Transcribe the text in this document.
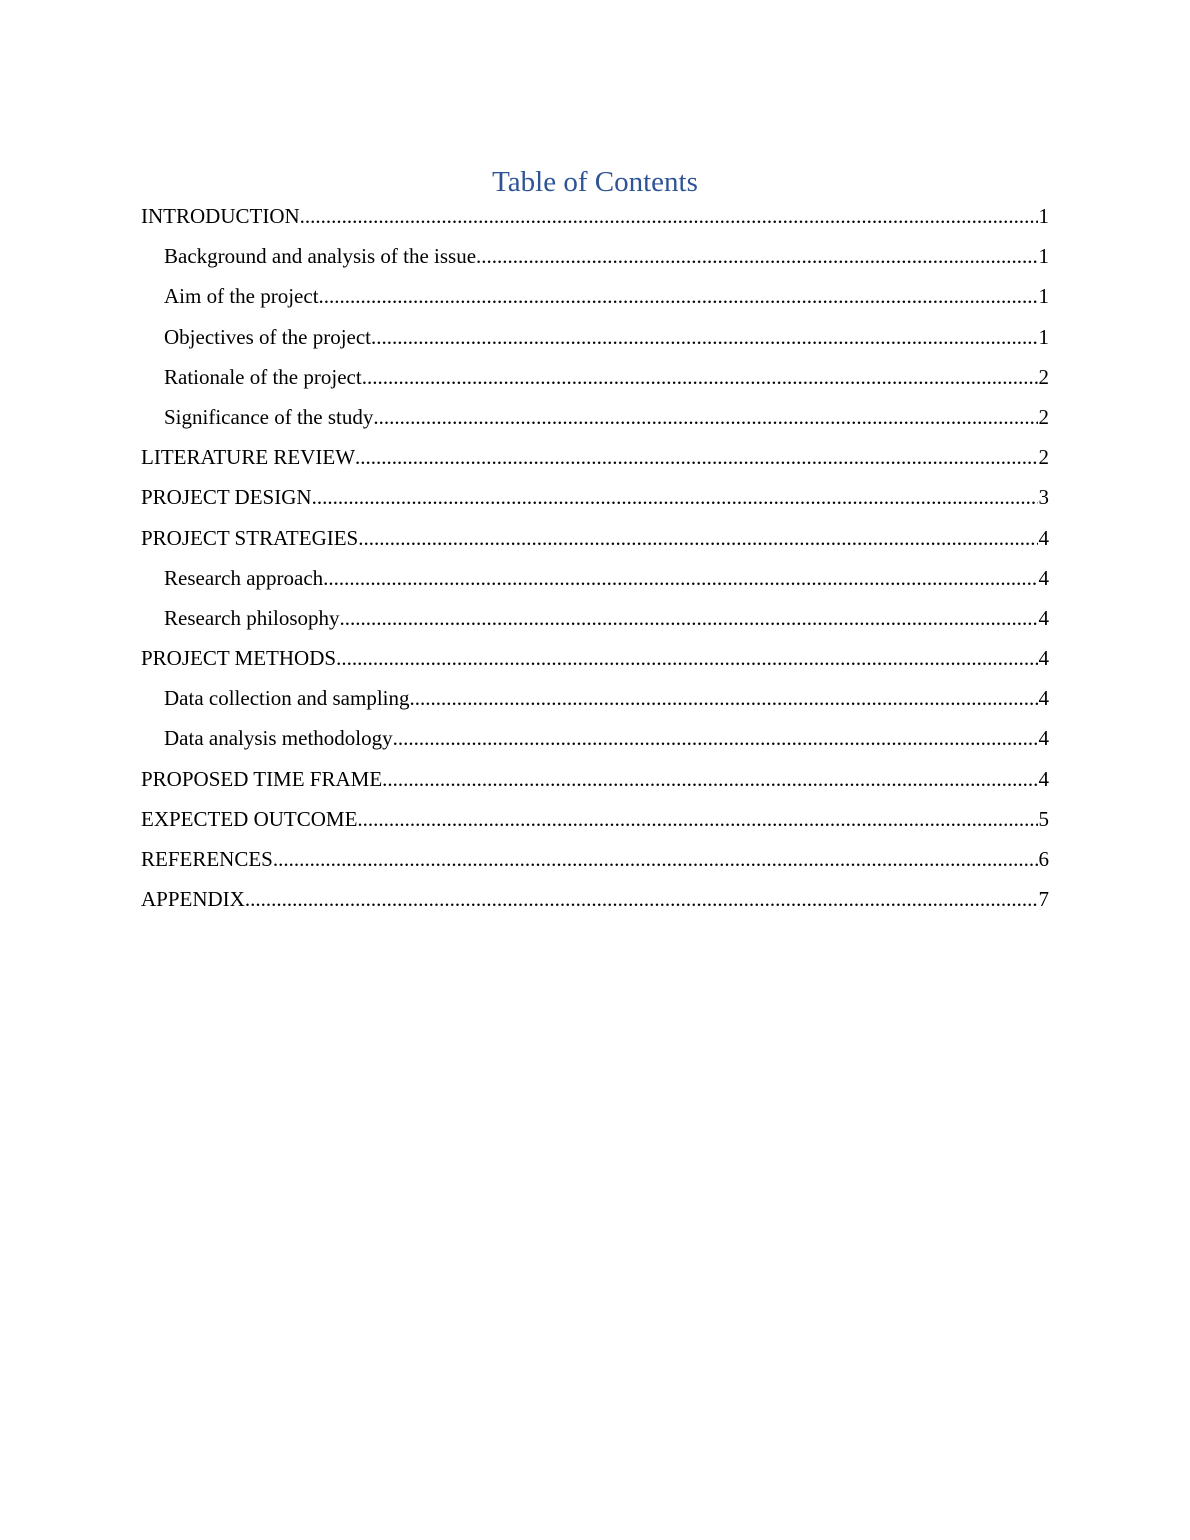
Table of Contents
INTRODUCTION .....	1
Background and analysis of the issue .....	1
Aim of the project .....	1
Objectives of the project .....	1
Rationale of the project .....	2
Significance of the study .....	2
LITERATURE REVIEW .....	2
PROJECT DESIGN .....	3
PROJECT STRATEGIES .....	4
Research approach .....	4
Research philosophy .....	4
PROJECT METHODS .....	4
Data collection and sampling .....	4
Data analysis methodology .....	4
PROPOSED TIME FRAME .....	4
EXPECTED OUTCOME .....	5
REFERENCES .....	6
APPENDIX .....	7
